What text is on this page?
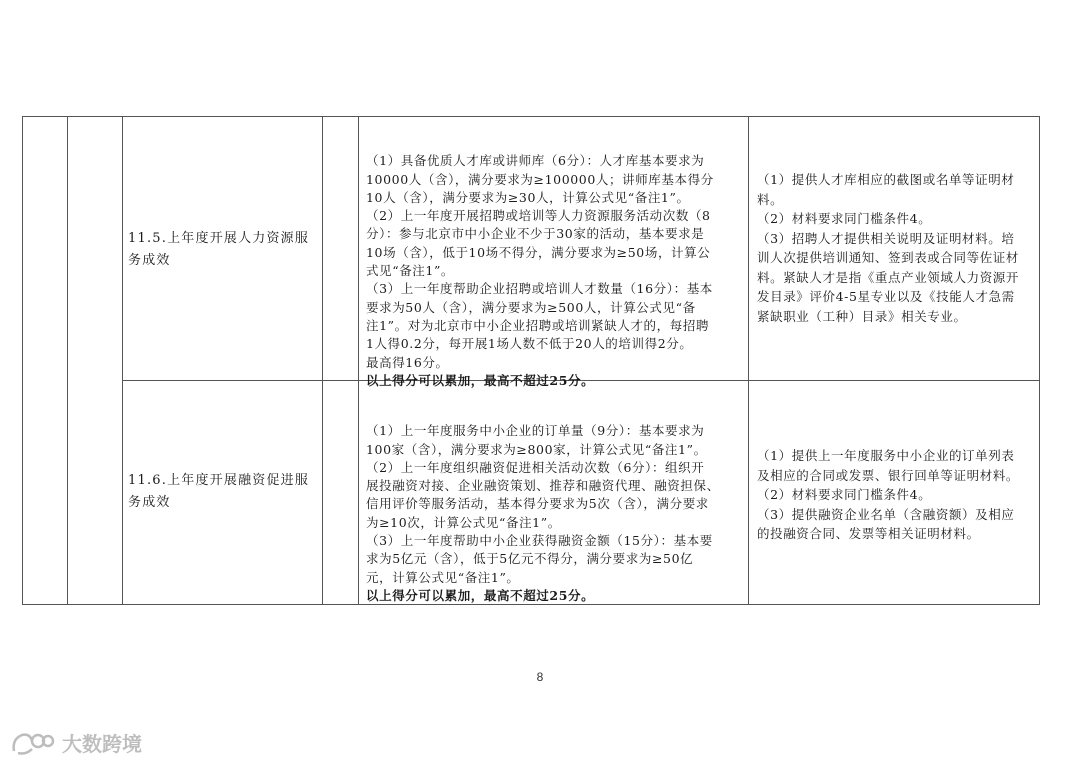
11.5.上年度开展人力资源服
务成效

（1）具备优质人才库或讲师库（6分）：人才库基本要求为
10000人（含），满分要求为≥100000人；讲师库基本得分
10人（含），满分要求为≥30人，计算公式见“备注1”。
（2）上一年度开展招聘或培训等人力资源服务活动次数（8
分）：参与北京市中小企业不少于30家的活动，基本要求是
10场（含），低于10场不得分，满分要求为≥50场，计算公
式见“备注1”。
（3）上一年度帮助企业招聘或培训人才数量（16分）：基本
要求为50人（含），满分要求为≥500人，计算公式见“备
注1”。对为北京市中小企业招聘或培训紧缺人才的，每招聘
1人得0.2分，每开展1场人数不低于20人的培训得2分。
最高得16分。

以上得分可以累加，最高不超过25分。

（1）提供人才库相应的截图或名单等证明材
料。
（2）材料要求同门槛条件4。
（3）招聘人才提供相关说明及证明材料。培
训人次提供培训通知、签到表或合同等佐证材
料。紧缺人才是指《重点产业领域人力资源开
发目录》评价4-5星专业以及《技能人才急需
紧缺职业（工种）目录》相关专业。
11.6.上年度开展融资促进服
务成效

（1）上一年度服务中小企业的订单量（9分）：基本要求为
100家（含），满分要求为≥800家，计算公式见“备注1”。
（2）上一年度组织融资促进相关活动次数（6分）：组织开
展投融资对接、企业融资策划、推荐和融资代理、融资担保、
信用评价等服务活动，基本得分要求为5次（含），满分要求
为≥10次，计算公式见“备注1”。
（3）上一年度帮助中小企业获得融资金额（15分）：基本要
求为5亿元（含），低于5亿元不得分，满分要求为≥50亿
元，计算公式见“备注1”。

以上得分可以累加，最高不超过25分。

（1）提供上一年度服务中小企业的订单列表
及相应的合同或发票、银行回单等证明材料。
（2）材料要求同门槛条件4。
（3）提供融资企业名单（含融资额）及相应
的投融资合同、发票等相关证明材料。
8
大数跨境
